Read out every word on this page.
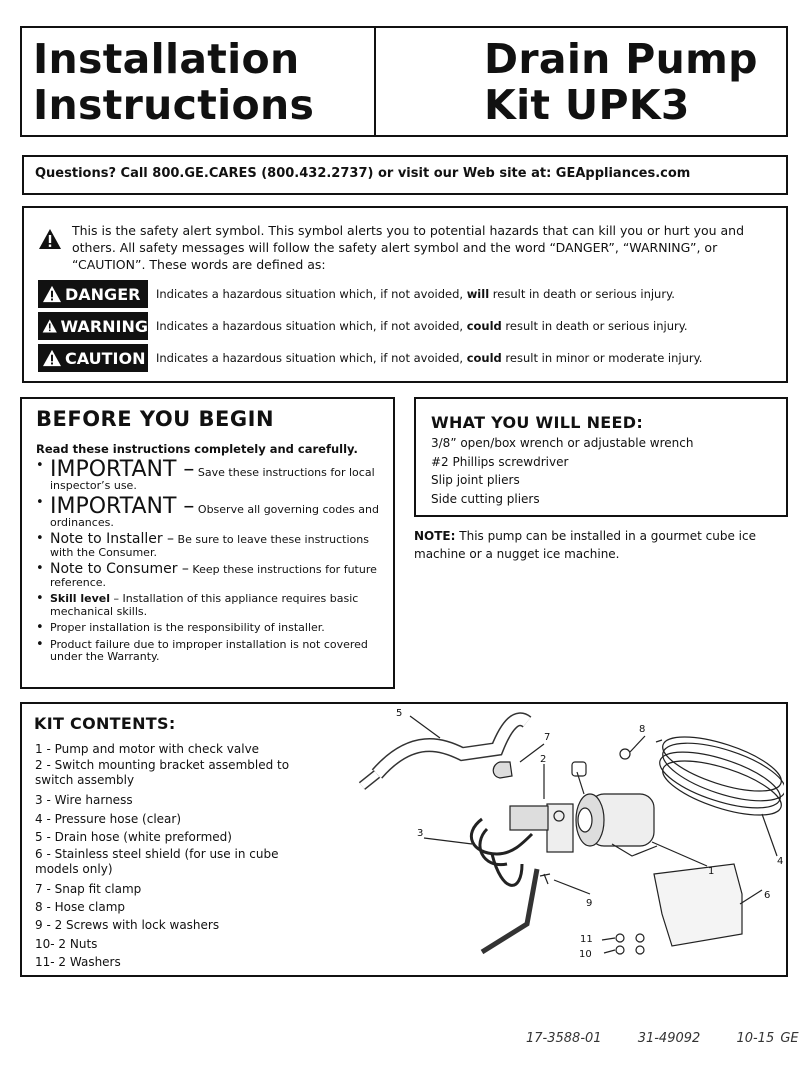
Installation
Instructions
Drain Pump
Kit UPK3
Questions? Call 800.GE.CARES (800.432.2737) or visit our Web site at: GEAppliances.com
This is the safety alert symbol. This symbol alerts you to potential hazards that can kill you or hurt you and others. All safety messages will follow the safety alert symbol and the word “DANGER”, “WARNING”, or “CAUTION”. These words are defined as:
DANGER Indicates a hazardous situation which, if not avoided, will result in death or serious injury.
WARNING Indicates a hazardous situation which, if not avoided, could result in death or serious injury.
CAUTION Indicates a hazardous situation which, if not avoided, could result in minor or moderate injury.
BEFORE YOU BEGIN
Read these instructions completely and carefully.
• IMPORTANT – Save these instructions for local inspector’s use.
• IMPORTANT – Observe all governing codes and ordinances.
• Note to Installer – Be sure to leave these instructions with the Consumer.
• Note to Consumer – Keep these instructions for future reference.
• Skill level – Installation of this appliance requires basic mechanical skills.
• Proper installation is the responsibility of installer.
• Product failure due to improper installation is not covered under the Warranty.
WHAT YOU WILL NEED:
3/8” open/box wrench or adjustable wrench
#2 Phillips screwdriver
Slip joint pliers
Side cutting pliers
NOTE: This pump can be installed in a gourmet cube ice machine or a nugget ice machine.
KIT CONTENTS:
1 - Pump and motor with check valve
2 - Switch mounting bracket assembled to switch assembly
3 - Wire harness
4 - Pressure hose (clear)
5 - Drain hose (white preformed)
6 - Stainless steel shield (for use in cube models only)
7 - Snap fit clamp
8 - Hose clamp
9 - 2 Screws with lock washers
10- 2 Nuts
11- 2 Washers
5
7
2
3
8
1
4
6
9
10
11
17-3588-01	31-49092	10-15 GE
